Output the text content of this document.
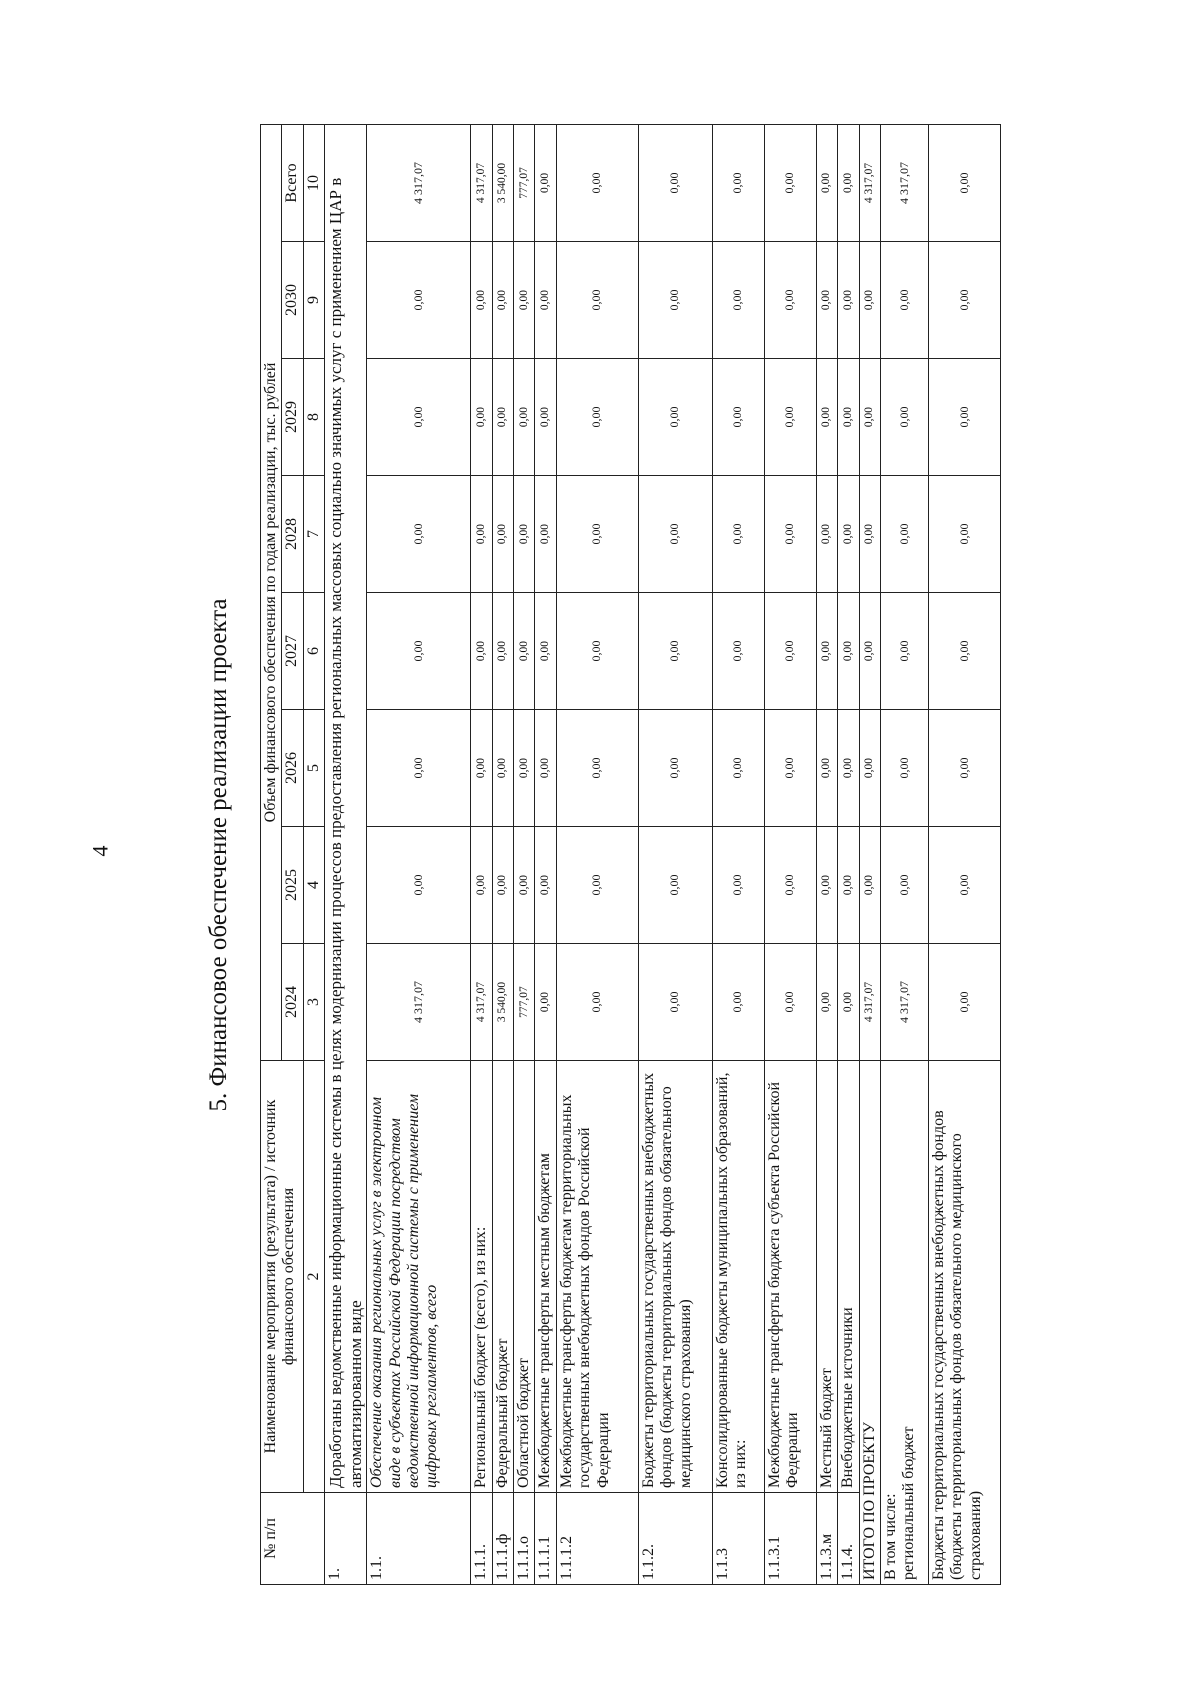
4	5. Финансовое обеспечение реализации проекта
№ п/п	Наименование мероприятия (результата) / источник финансового обеспечения	Объем финансового обеспечения по годам реализации, тыс. рублей							
		2024	2025	2026	2027	2028	2029	2030	Всего
	2	3	4	5	6	7	8	9	10
1.	Доработаны ведомственные информационные системы в целях модернизации процессов предоставления региональных массовых социально значимых услуг с применением ЦАР в автоматизированном виде								
1.1.	Обеспечение оказания региональных услуг в электронном виде в субъектах Российской Федерации посредством ведомственной информационной системы с применением цифровых регламентов, всего	4 317,07	0,00	0,00	0,00	0,00	0,00	0,00	4 317,07
1.1.1.	Региональный бюджет (всего), из них:	4 317,07	0,00	0,00	0,00	0,00	0,00	0,00	4 317,07
1.1.1.ф	Федеральный бюджет	3 540,00	0,00	0,00	0,00	0,00	0,00	0,00	3 540,00
1.1.1.о	Областной бюджет	777,07	0,00	0,00	0,00	0,00	0,00	0,00	777,07
1.1.1.1	Межбюджетные трансферты местным бюджетам	0,00	0,00	0,00	0,00	0,00	0,00	0,00	0,00
1.1.1.2	Межбюджетные трансферты бюджетам территориальных государственных внебюджетных фондов Российской Федерации	0,00	0,00	0,00	0,00	0,00	0,00	0,00	0,00
1.1.2.	Бюджеты территориальных государственных внебюджетных фондов (бюджеты территориальных фондов обязательного медицинского страхования)	0,00	0,00	0,00	0,00	0,00	0,00	0,00	0,00
1.1.3	Консолидированные бюджеты муниципальных образований, из них:	0,00	0,00	0,00	0,00	0,00	0,00	0,00	0,00
1.1.3.1	Межбюджетные трансферты бюджета субъекта Российской Федерации	0,00	0,00	0,00	0,00	0,00	0,00	0,00	0,00
1.1.3.м	Местный бюджет	0,00	0,00	0,00	0,00	0,00	0,00	0,00	0,00
1.1.4.	Внебюджетные источники	0,00	0,00	0,00	0,00	0,00	0,00	0,00	0,00
ИТОГО ПО ПРОЕКТУ		4 317,07	0,00	0,00	0,00	0,00	0,00	0,00	4 317,07

В том числе: региональный бюджет		4 317,07	0,00	0,00	0,00	0,00	0,00	0,00	4 317,07
Бюджеты территориальных государственных внебюджетных фондов (бюджеты территориальных фондов обязательного медицинского страхования)		0,00	0,00	0,00	0,00	0,00	0,00	0,00	0,00
